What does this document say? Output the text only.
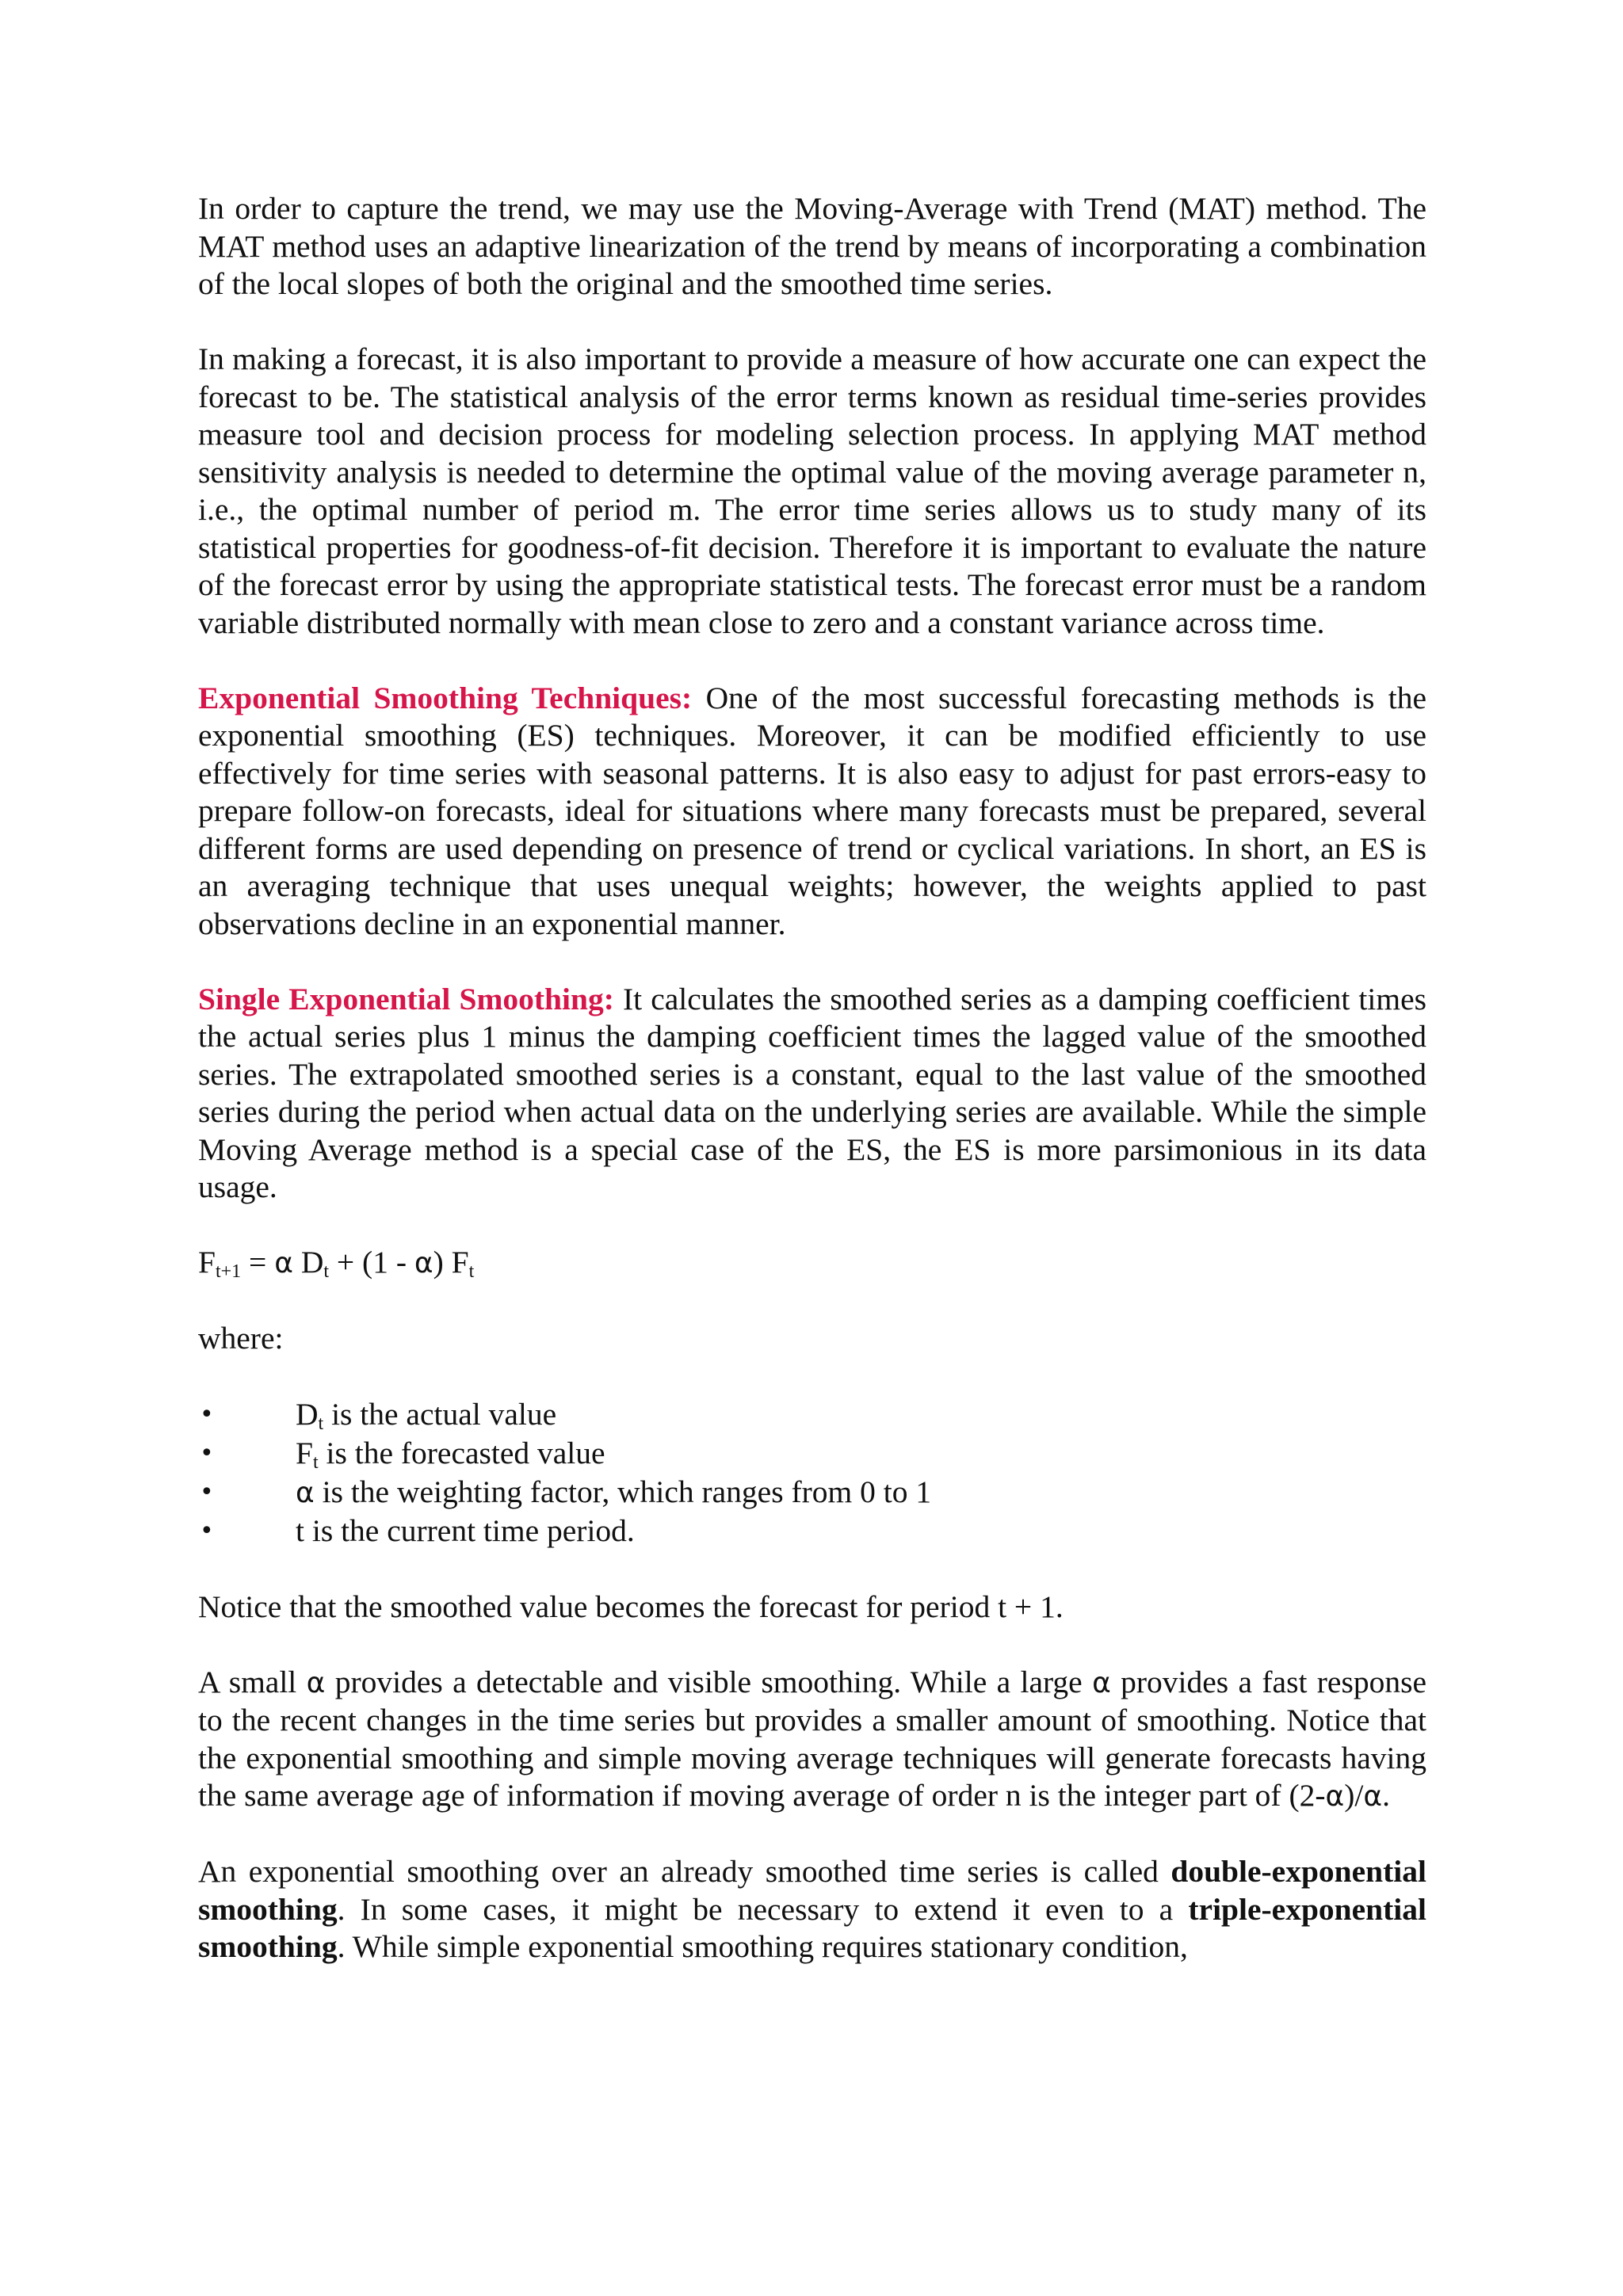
In order to capture the trend, we may use the Moving-Average with Trend (MAT) method. The MAT method uses an adaptive linearization of the trend by means of incorporating a combination of the local slopes of both the original and the smoothed time series.

In making a forecast, it is also important to provide a measure of how accurate one can expect the forecast to be. The statistical analysis of the error terms known as residual time-series provides measure tool and decision process for modeling selection process. In applying MAT method sensitivity analysis is needed to determine the optimal value of the moving average parameter n, i.e., the optimal number of period m. The error time series allows us to study many of its statistical properties for goodness-of-fit decision. Therefore it is important to evaluate the nature of the forecast error by using the appropriate statistical tests. The forecast error must be a random variable distributed normally with mean close to zero and a constant variance across time.

Exponential Smoothing Techniques: One of the most successful forecasting methods is the exponential smoothing (ES) techniques. Moreover, it can be modified efficiently to use effectively for time series with seasonal patterns. It is also easy to adjust for past errors-easy to prepare follow-on forecasts, ideal for situations where many forecasts must be prepared, several different forms are used depending on presence of trend or cyclical variations. In short, an ES is an averaging technique that uses unequal weights; however, the weights applied to past observations decline in an exponential manner.

Single Exponential Smoothing: It calculates the smoothed series as a damping coefficient times the actual series plus 1 minus the damping coefficient times the lagged value of the smoothed series. The extrapolated smoothed series is a constant, equal to the last value of the smoothed series during the period when actual data on the underlying series are available. While the simple Moving Average method is a special case of the ES, the ES is more parsimonious in its data usage.

$F_{t+1} = \alpha$ $D_t + (1 - \alpha)$ $F_t$

where:

•	$D_t$ is the actual value
•	$F_t$ is the forecasted value
•	α is the weighting factor, which ranges from 0 to 1
•	t is the current time period.

Notice that the smoothed value becomes the forecast for period t + 1.

A small α provides a detectable and visible smoothing. While a large α provides a fast response to the recent changes in the time series but provides a smaller amount of smoothing. Notice that the exponential smoothing and simple moving average techniques will generate forecasts having the same average age of information if moving average of order n is the integer part of (2-α)/α.

An exponential smoothing over an already smoothed time series is called double-exponential smoothing. In some cases, it might be necessary to extend it even to a triple-exponential smoothing. While simple exponential smoothing requires stationary condition,
